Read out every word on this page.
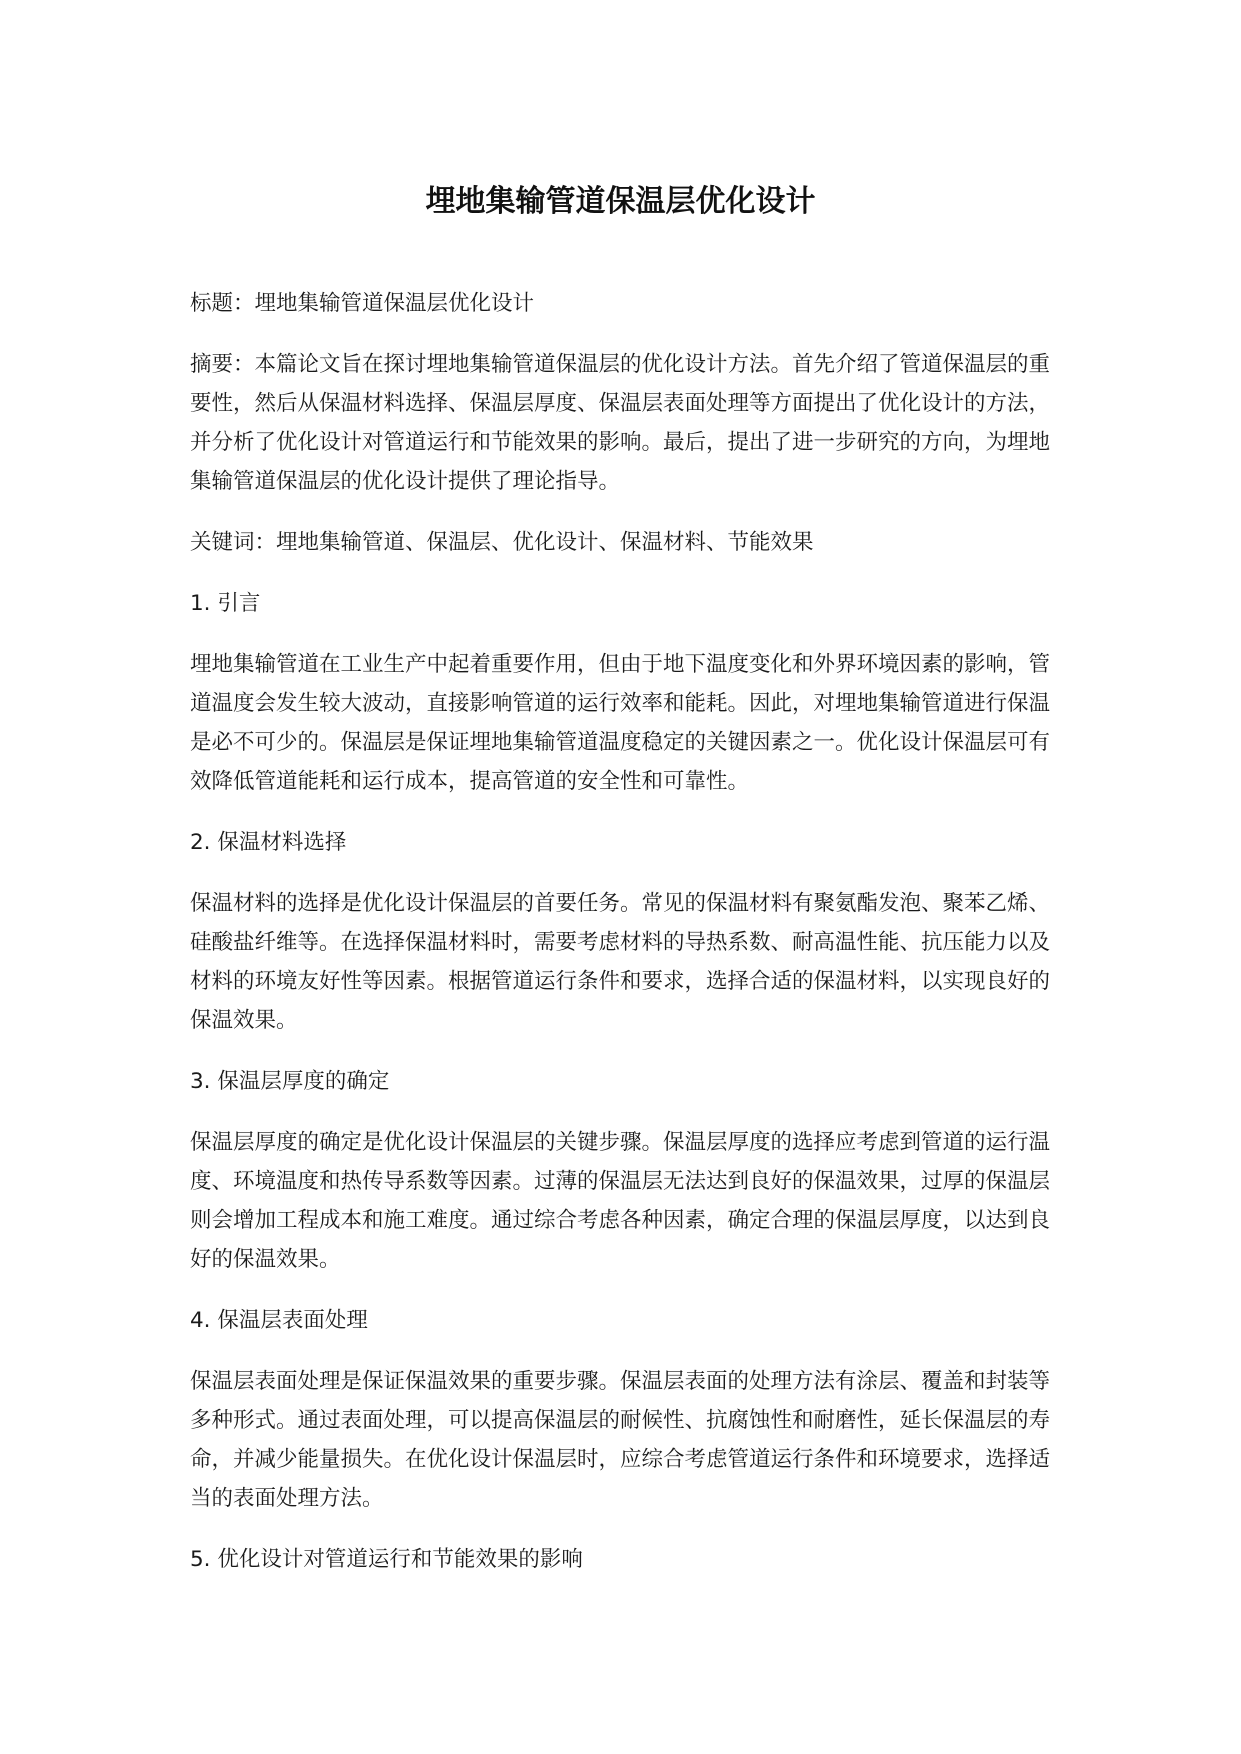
埋地集输管道保温层优化设计

标题：埋地集输管道保温层优化设计

摘要：本篇论文旨在探讨埋地集输管道保温层的优化设计方法。首先介绍了管道保温层的重要性，然后从保温材料选择、保温层厚度、保温层表面处理等方面提出了优化设计的方法，并分析了优化设计对管道运行和节能效果的影响。最后，提出了进一步研究的方向，为埋地集输管道保温层的优化设计提供了理论指导。

关键词：埋地集输管道、保温层、优化设计、保温材料、节能效果

1. 引言

埋地集输管道在工业生产中起着重要作用，但由于地下温度变化和外界环境因素的影响，管道温度会发生较大波动，直接影响管道的运行效率和能耗。因此，对埋地集输管道进行保温是必不可少的。保温层是保证埋地集输管道温度稳定的关键因素之一。优化设计保温层可有效降低管道能耗和运行成本，提高管道的安全性和可靠性。

2. 保温材料选择

保温材料的选择是优化设计保温层的首要任务。常见的保温材料有聚氨酯发泡、聚苯乙烯、硅酸盐纤维等。在选择保温材料时，需要考虑材料的导热系数、耐高温性能、抗压能力以及材料的环境友好性等因素。根据管道运行条件和要求，选择合适的保温材料，以实现良好的保温效果。

3. 保温层厚度的确定

保温层厚度的确定是优化设计保温层的关键步骤。保温层厚度的选择应考虑到管道的运行温度、环境温度和热传导系数等因素。过薄的保温层无法达到良好的保温效果，过厚的保温层则会增加工程成本和施工难度。通过综合考虑各种因素，确定合理的保温层厚度，以达到良好的保温效果。

4. 保温层表面处理

保温层表面处理是保证保温效果的重要步骤。保温层表面的处理方法有涂层、覆盖和封装等多种形式。通过表面处理，可以提高保温层的耐候性、抗腐蚀性和耐磨性，延长保温层的寿命，并减少能量损失。在优化设计保温层时，应综合考虑管道运行条件和环境要求，选择适当的表面处理方法。

5. 优化设计对管道运行和节能效果的影响
